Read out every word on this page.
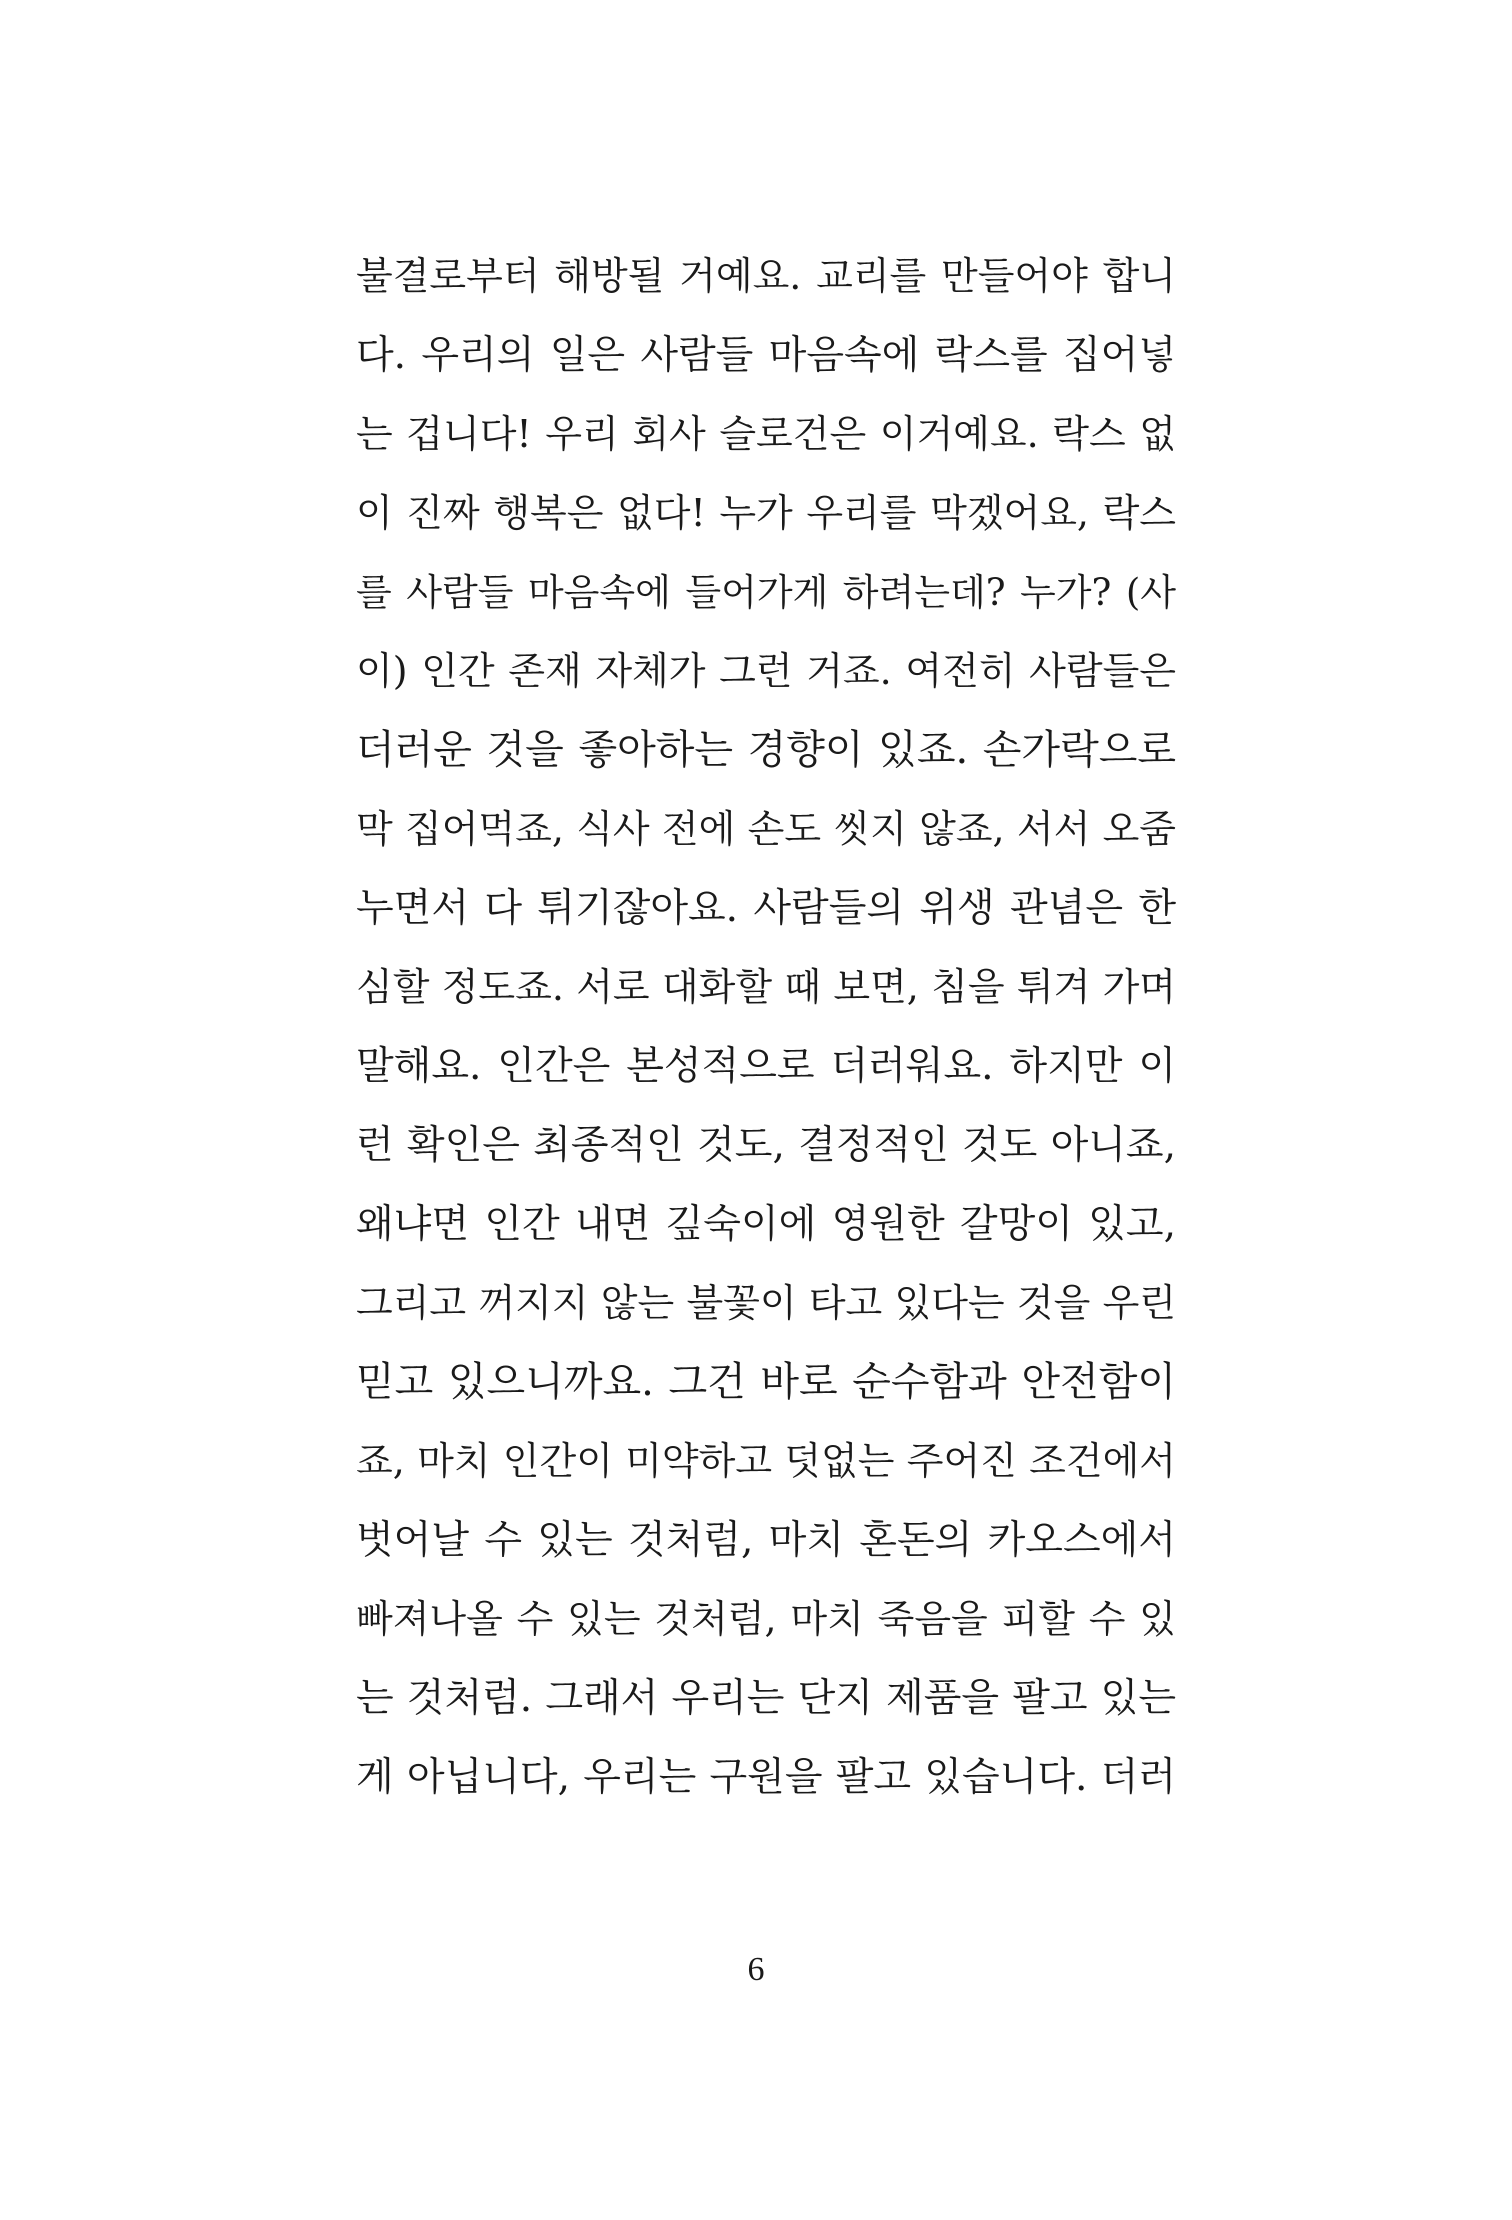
불결로부터 해방될 거예요. 교리를 만들어야 합니
다. 우리의 일은 사람들 마음속에 락스를 집어넣
는 겁니다! 우리 회사 슬로건은 이거예요. 락스 없
이 진짜 행복은 없다! 누가 우리를 막겠어요, 락스
를 사람들 마음속에 들어가게 하려는데? 누가? (사
이) 인간 존재 자체가 그런 거죠. 여전히 사람들은
더러운 것을 좋아하는 경향이 있죠. 손가락으로
막 집어먹죠, 식사 전에 손도 씻지 않죠, 서서 오줌
누면서 다 튀기잖아요. 사람들의 위생 관념은 한
심할 정도죠. 서로 대화할 때 보면, 침을 튀겨 가며
말해요. 인간은 본성적으로 더러워요. 하지만 이
런 확인은 최종적인 것도, 결정적인 것도 아니죠,
왜냐면 인간 내면 깊숙이에 영원한 갈망이 있고,
그리고 꺼지지 않는 불꽃이 타고 있다는 것을 우린
믿고 있으니까요. 그건 바로 순수함과 안전함이
죠, 마치 인간이 미약하고 덧없는 주어진 조건에서
벗어날 수 있는 것처럼, 마치 혼돈의 카오스에서
빠져나올 수 있는 것처럼, 마치 죽음을 피할 수 있
는 것처럼. 그래서 우리는 단지 제품을 팔고 있는
게 아닙니다, 우리는 구원을 팔고 있습니다. 더러
6
